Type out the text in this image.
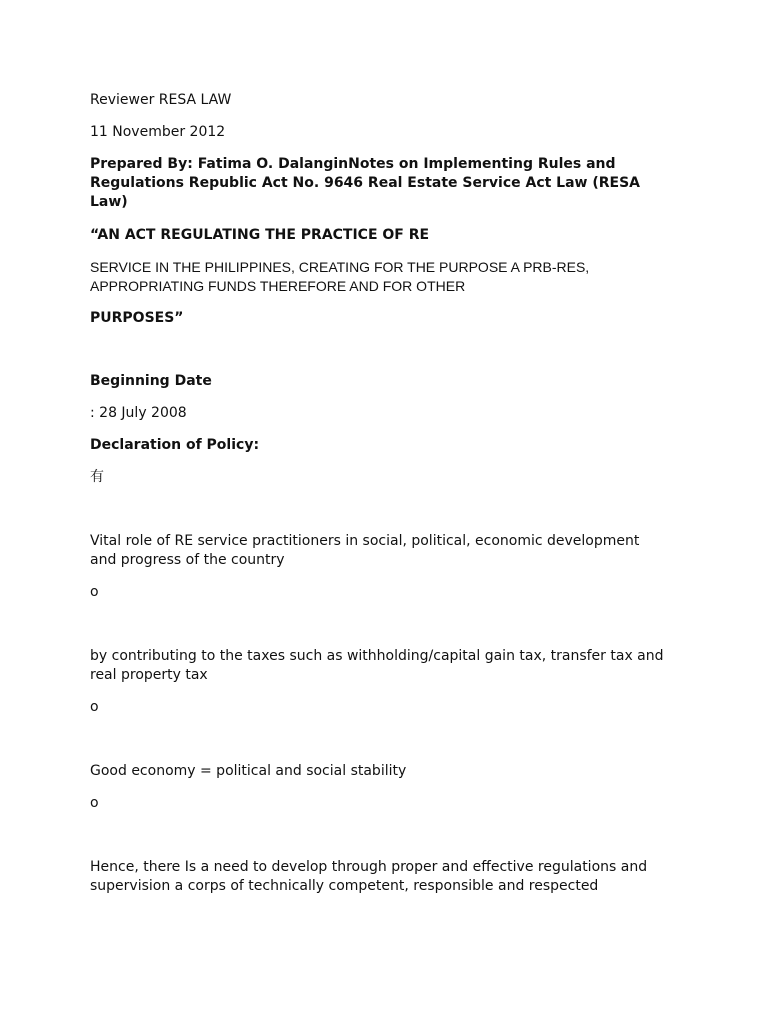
Reviewer RESA LAW

11 November 2012

Prepared By: Fatima O. DalanginNotes on Implementing Rules and Regulations Republic Act No. 9646 Real Estate Service Act Law (RESA Law)

“AN ACT REGULATING THE PRACTICE OF RE

SERVICE IN THE PHILIPPINES, CREATING FOR THE PURPOSE A PRB-RES, APPROPRIATING FUNDS THEREFORE AND FOR OTHER

PURPOSES”

Beginning Date

: 28 July 2008

Declaration of Policy:

有

Vital role of RE service practitioners in social, political, economic development and progress of the country

o

by contributing to the taxes such as withholding/capital gain tax, transfer tax and real property tax

o

Good economy = political and social stability

o

Hence, there Is a need to develop through proper and effective regulations and supervision a corps of technically competent, responsible and respected
